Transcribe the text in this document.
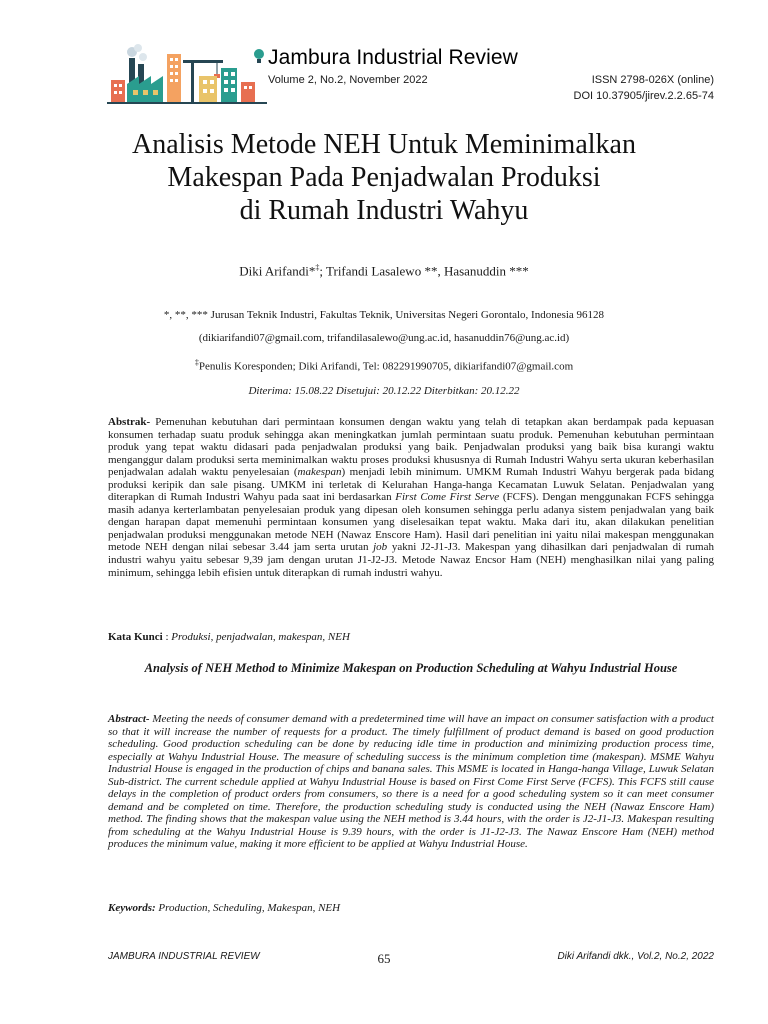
Jambura Industrial Review
Volume 2, No.2, November 2022	ISSN 2798-026X (online)
DOI 10.37905/jirev.2.2.65-74
Analisis Metode NEH Untuk Meminimalkan
Makespan Pada Penjadwalan Produksi
di Rumah Industri Wahyu
Diki Arifandi*‡; Trifandi Lasalewo **, Hasanuddin ***
*, **, *** Jurusan Teknik Industri, Fakultas Teknik, Universitas Negeri Gorontalo, Indonesia 96128
(dikiarifandi07@gmail.com, trifandilasalewo@ung.ac.id, hasanuddin76@ung.ac.id)
‡Penulis Koresponden; Diki Arifandi, Tel: 082291990705, dikiarifandi07@gmail.com
Diterima: 15.08.22 Disetujui: 20.12.22 Diterbitkan: 20.12.22
Abstrak- Pemenuhan kebutuhan dari permintaan konsumen dengan waktu yang telah di tetapkan akan berdampak pada kepuasan konsumen terhadap suatu produk sehingga akan meningkatkan jumlah permintaan suatu produk. Pemenuhan kebutuhan permintaan produk yang tepat waktu didasari pada penjadwalan produksi yang baik. Penjadwalan produksi yang baik bisa kurangi waktu menganggur dalam produksi serta meminimalkan waktu proses produksi khususnya di Rumah Industri Wahyu serta ukuran keberhasilan penjadwalan adalah waktu penyelesaian (makespan) menjadi lebih minimum. UMKM Rumah Industri Wahyu bergerak pada bidang produksi keripik dan sale pisang. UMKM ini terletak di Kelurahan Hanga-hanga Kecamatan Luwuk Selatan. Penjadwalan yang diterapkan di Rumah Industri Wahyu pada saat ini berdasarkan First Come First Serve (FCFS). Dengan menggunakan FCFS sehingga masih adanya kerterlambatan penyelesaian produk yang dipesan oleh konsumen sehingga perlu adanya sistem penjadwalan yang baik dengan harapan dapat memenuhi permintaan konsumen yang diselesaikan tepat waktu. Maka dari itu, akan dilakukan penelitian penjadwalan produksi menggunakan metode NEH (Nawaz Enscore Ham). Hasil dari penelitian ini yaitu nilai makespan menggunakan metode NEH dengan nilai sebesar 3.44 jam serta urutan job yakni J2-J1-J3. Makespan yang dihasilkan dari penjadwalan di rumah industri wahyu yaitu sebesar 9,39 jam dengan urutan J1-J2-J3. Metode Nawaz Encsor Ham (NEH) menghasilkan nilai yang paling minimum, sehingga lebih efisien untuk diterapkan di rumah industri wahyu.
Kata Kunci : Produksi, penjadwalan, makespan, NEH
Analysis of NEH Method to Minimize Makespan on Production Scheduling at Wahyu Industrial House
Abstract- Meeting the needs of consumer demand with a predetermined time will have an impact on consumer satisfaction with a product so that it will increase the number of requests for a product. The timely fulfillment of product demand is based on good production scheduling. Good production scheduling can be done by reducing idle time in production and minimizing production process time, especially at Wahyu Industrial House. The measure of scheduling success is the minimum completion time (makespan). MSME Wahyu Industrial House is engaged in the production of chips and banana sales. This MSME is located in Hanga-hanga Village, Luwuk Selatan Sub-district. The current schedule applied at Wahyu Industrial House is based on First Come First Serve (FCFS). This FCFS still cause delays in the completion of product orders from consumers, so there is a need for a good scheduling system so it can meet consumer demand and be completed on time. Therefore, the production scheduling study is conducted using the NEH (Nawaz Enscore Ham) method. The finding shows that the makespan value using the NEH method is 3.44 hours, with the order is J2-J1-J3. Makespan resulting from scheduling at the Wahyu Industrial House is 9.39 hours, with the order is J1-J2-J3. The Nawaz Enscore Ham (NEH) method produces the minimum value, making it more efficient to be applied at Wahyu Industrial House.
Keywords: Production, Scheduling, Makespan, NEH
JAMBURA INDUSTRIAL REVIEW	65	Diki Arifandi dkk., Vol.2, No.2, 2022
